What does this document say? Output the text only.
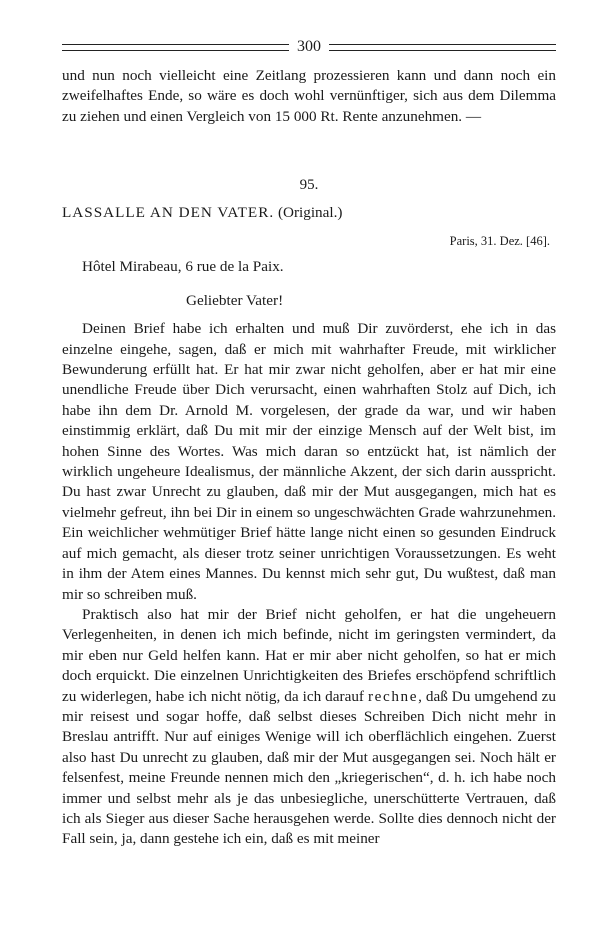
300

und nun noch vielleicht eine Zeitlang prozessieren kann und dann noch ein zweifelhaftes Ende, so wäre es doch wohl vernünftiger, sich aus dem Dilemma zu ziehen und einen Vergleich von 15 000 Rt. Rente anzunehmen. —

95.
LASSALLE AN DEN VATER. (Original.)
Paris, 31. Dez. [46].
Hôtel Mirabeau, 6 rue de la Paix.
Geliebter Vater!

Deinen Brief habe ich erhalten und muß Dir zuvörderst, ehe ich in das einzelne eingehe, sagen, daß er mich mit wahrhafter Freude, mit wirklicher Bewunderung erfüllt hat. Er hat mir zwar nicht geholfen, aber er hat mir eine unendliche Freude über Dich verursacht, einen wahrhaften Stolz auf Dich, ich habe ihn dem Dr. Arnold M. vorgelesen, der grade da war, und wir haben einstimmig erklärt, daß Du mit mir der einzige Mensch auf der Welt bist, im hohen Sinne des Wortes. Was mich daran so entzückt hat, ist nämlich der wirklich ungeheure Idealismus, der männliche Akzent, der sich darin ausspricht. Du hast zwar Unrecht zu glauben, daß mir der Mut ausgegangen, mich hat es vielmehr gefreut, ihn bei Dir in einem so ungeschwächten Grade wahrzunehmen. Ein weichlicher wehmütiger Brief hätte lange nicht einen so gesunden Eindruck auf mich gemacht, als dieser trotz seiner unrichtigen Voraussetzungen. Es weht in ihm der Atem eines Mannes. Du kennst mich sehr gut, Du wußtest, daß man mir so schreiben muß.

Praktisch also hat mir der Brief nicht geholfen, er hat die ungeheuern Verlegenheiten, in denen ich mich befinde, nicht im geringsten vermindert, da mir eben nur Geld helfen kann. Hat er mir aber nicht geholfen, so hat er mich doch erquickt. Die einzelnen Unrichtigkeiten des Briefes erschöpfend schriftlich zu widerlegen, habe ich nicht nötig, da ich darauf rechne, daß Du umgehend zu mir reisest und sogar hoffe, daß selbst dieses Schreiben Dich nicht mehr in Breslau antrifft. Nur auf einiges Wenige will ich oberflächlich eingehen. Zuerst also hast Du unrecht zu glauben, daß mir der Mut ausgegangen sei. Noch hält er felsenfest, meine Freunde nennen mich den „kriegerischen“, d. h. ich habe noch immer und selbst mehr als je das unbesiegliche, unerschütterte Vertrauen, daß ich als Sieger aus dieser Sache herausgehen werde. Sollte dies dennoch nicht der Fall sein, ja, dann gestehe ich ein, daß es mit meiner
